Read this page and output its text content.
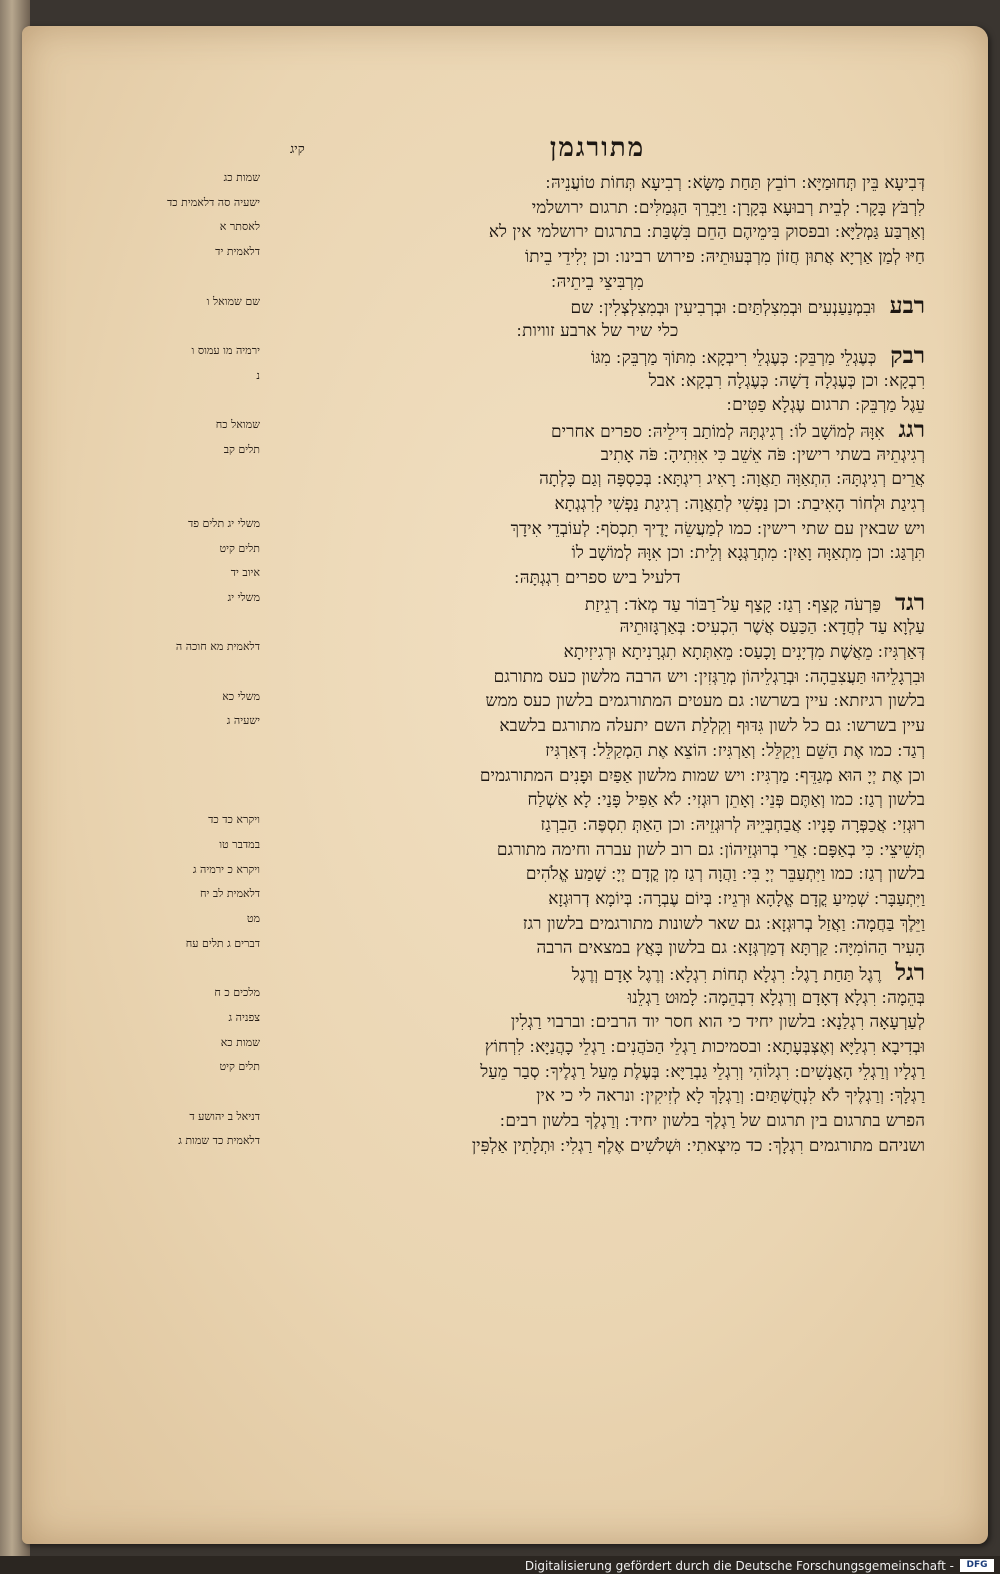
מתורגמן
קיג
דְּבִיעָא בֵּין תְּחוּמַיָּא ׃ רוֹבֵץ תַּחַת מַשָּׂא ׃ רְבִיעָא תְּחוֹת טוֹעֲנֵיהּ ׃
לִרְבֹּץ בָּקָר ׃ לְבֵית רְבוּעָא בְּקָרָן ׃ וַיַּבְרֵךְ הַגְּמַלִּים ׃ תרגום ירושלמי
וְאַרְבַּע גַּמְלַיָּא ׃ ובפסוק בִּימֵיהֶם הַחֵם בִּשְׁבַּת ׃ בתרגום ירושלמי אין לא
חַיּוּ לְמַן אַרְיָא אֲתוּן חֲזוֹן מִרְבְּעוּתֵיהּ ׃ פירוש רבינו ׃ וכן יְלִידֵי בֵיתוֹ
מִרְבִּיצֵי בֵיתֵיהּ ׃
רבעוּבִמְנַעַנְעִים וּבְמִצִלְתַּיִם ׃ וּבְרְבִיעִין וּבְמִצִלְצְלִין ׃ שם
כלי שיר של ארבע זוויות ׃
רבקכְּעֶגְלֵי מַרְבֵּק ׃ כְּעֶגְלֵי רִיבְקָא ׃ מִתּוֹךְ מַרְבֵּק ׃ מִגּוֹ
רִבְקָא ׃ וכן כְּעֶגְלָה דָשָׁה ׃ כְּעֶגְלָה רִבְקָא ׃ אבל
עֵגֶל מַרְבֵּק ׃ תרגום עֶגְלָא פַטִּים ׃
רגגאִוָּהּ לְמוֹשָׁב לוֹ ׃ רְגִיגְתָּהּ לְמוֹתַב דִּילֵיהּ ׃ ספרים אחרים
רְגִיגְתֵיהּ בשתי רישין ׃ פֹּה אֵשֵׁב כִּי אִוִּתִיהָ ׃ פֹּה אָתִיב
אֲרֵים רְגִיגְתָּהּ ׃ הִתְאַוָּה תַאֲוָה ׃ רָאִיג רִיגְתָּא ׃ בְּכַסְפָּה וְגַם כָּלְתָה
רְגִיגַת וּלְחוֹר הָאִיבַת ׃ וכן נַפְשִׁי לְתַאֲוָה ׃ רְגִיגַת נַפְשִׁי לְרִגְגְתָא
ויש שבאין עם שתי רישין ׃ כמו לְמַעֲשֵׂה יָדֶיךָ תִכְסֹף ׃ לְעוֹבְדֵי אִידָךְ
תִּרְגַּג ׃ וכן מִתְאַוָּה וָאַיִן ׃ מִתְרַגְּגָא וְלֵית ׃ וכן אִוָּהּ לְמוֹשָׁב לוֹ
דלעיל ביש ספרים רִגְגְתָּהּ ׃
רגדפַּרְעֹה קָצַף ׃ רְגַז ׃ קָצַף עַל־רַבּוֹר עַד מְאֹד ׃ רְגֵיזַת
עַלְוָא עַד לְחֲדָא ׃ הַכַּעַס אֲשֶׁר הִכְעִיס ׃ בְּאַרְגָּזוּתֵיהּ
דְּאַרְגִּיז ׃ מֵאֲשֶׁת מִדְיָנִים וָכָעַס ׃ מֵאִתְּתָא תִגְרָנִיתָא וּרְגִיזִיתָא
וּבִרְגָלֵיהוּ תַּעֲצִבֵהָה ׃ וּבְרַגְלֵיהוֹן מְרַגְּזִין ׃ ויש הרבה מלשון כעס מתורגם
בלשון רגיזתא ׃ עיין בשרשו ׃ גם מעטים המתורגמים בלשון כעס ממש
עיין בשרשו ׃ גם כל לשון גִּדּוּף וְקִלְלַת השם יתעלה מתורגם בלשבא
רְגַד ׃ כמו אֶת הַשֵּׁם וַיְקַלֵּל ׃ וְאַרְגִּיז ׃ הוֹצֵא אֶת הַמְקַלֵּל ׃ דְּאַרְגִּיז
וכן אֶת יְיָ הוּא מְגַדֵּף ׃ מַרְגִּיז ׃ ויש שמות מלשון אַפַּיִם וּפָנִים המתורגמים
בלשון רְגַז ׃ כמו וְאַתֶּם פְּנֵי ׃ וְאָתֵן רוּגְזִי ׃ לֹא אַפִּיל פָּנַי ׃ לָא אַשְׁלַח
רוּגְזִי ׃ אֲכַפְּרָה פָנָיו ׃ אֲבַחְבְּיֵיהּ לְרוּגְזֵיהּ ׃ וכן הַאַתְּ תִסְפֶּה ׃ הַבִרְגַז
תְּשֵׁיצֵי ׃ כִּי בְאַפָּם ׃ אֲרֵי בְרוּגְזֵיהוֹן ׃ גם רוב לשון עברה וחימה מתורגם
בלשון רְגַז ׃ כמו וַיִּתְעַבֵּר יְיָ בִּי ׃ וַהֲוָה רְגַז מִן קֳדָם יְיָ ׃ שָׁמַע אֱלֹהִים
וַיִּתְעַבָּר ׃ שְׁמִיעַ קֳדָם אֱלָהָא וּרְגֵיז ׃ בְּיוֹם עֶבְרָה ׃ בְּיוֹמָא דְרוּגְזָא
וַיֵּלֶךְ בַּחֲמָה ׃ וַאֲזַל בְרוּגְזָא ׃ גם שאר לשונות מתורגמים בלשון רגז
הָעִיר הַהוֹמִיָּה ׃ קַרְתָּא דְמַרְגְּזָא ׃ גם בלשון בָּאֲץ במצאים הרבה
רגלרֶגֶל תַּחַת רָגֶל ׃ רִגְלָא תְחוֹת רִגְלָא ׃ וְרֶגֶל אָדָם וְרֶגֶל
בְּהֵמָה ׃ רִגְלָא דְאָדָם וְרִגְלָא דִבְהֵמָה ׃ לָמוּט רַגְלֵנוּ
לְעַרְעָאָה רִגְלַנָא ׃ בלשון יחיד כי הוא חסר יוד הרבים ׃ וברבוי רַגְלִין
וּבְדִיבָא רִגְלַיָּא וְאֶצְבְּעָתָא ׃ ובסמיכות רַגְלֵי הַכֹּהֲנִים ׃ רַגְלֵי כָהֲנַיָּא ׃ לִרְחוֹץ
רַגְלָיו וְרַגְלֵי הָאֲנָשִׁים ׃ רִגְלוֹהִי וְרִגְלֵי גַבְרַיָּא ׃ בְּעֶלֶת מֵעַל רַגְלֶיךָ ׃ סְבַר מֵעַל
רַגְלָךְ ׃ וְרַגְלֶיךָ לֹא לִנְחֻשְׁתַּיִם ׃ וְרַגְלָךְ לָא לְזִיקִין ׃ ונראה לי כי אין
הפרש בתרגום בין תרגום של רַגְלֶךָ בלשון יחיד ׃ וְרַגְלֶךָ בלשון רבים ׃
ושניהם מתורגמים רִגְלָךְ ׃ כד מִיצְאתִי ׃ וּשְׁלֹשִׁים אֶלֶף רַגְלִי ׃ וּתְלָתִין אַלְפִּין
שמות כג
ישעיה סה דלאמית כד
לאסתר א
דלאמית יד
שם שמואל ו
ירמיה מו עמוס ו
נ
שמואל כח
תלים קב
משלי יג תלים פד
תלים קיט
איוב יד
משלי יג
דלאמית מא חוכה ה
משלי כא
ישעיה ג
ויקרא כד כד
במדבר טו
ויקרא כ ירמיה ג
דלאמית לב יח
מט
דברים ג תלים עח
מלכים כ ח
צפניה ג
שמות כא
תלים קיט
דניאל ב יהושע ד
דלאמית כד שמות ג
Digitalisierung gefördert durch die Deutsche Forschungsgemeinschaft -	DFG
